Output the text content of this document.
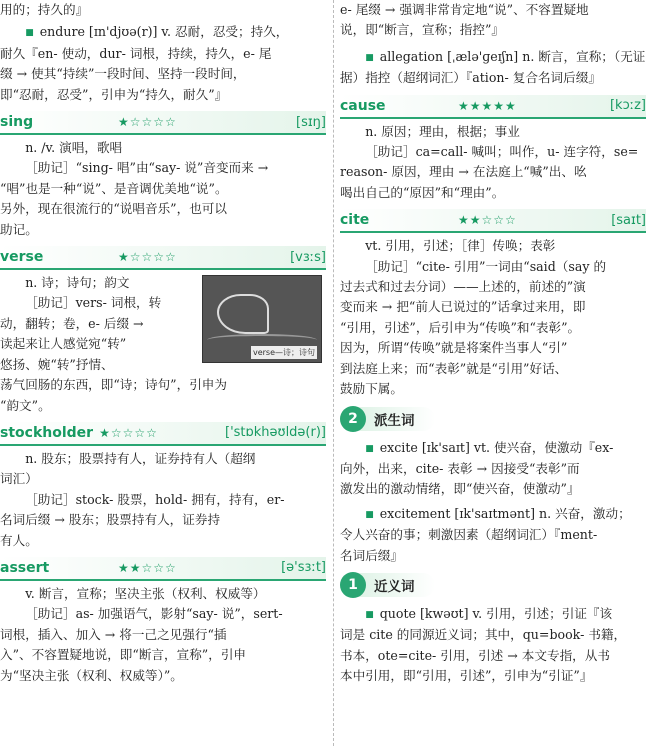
用的；持久的』

■ endure [ɪn'djʊə(r)] v. 忍耐，忍受；持久，

耐久『en- 使动，dur- 词根，持续，持久，e- 尾

缀 → 使其“持续”一段时间、坚持一段时间，

即“忍耐，忍受”，引申为“持久，耐久”』

sing	★☆☆☆☆	[sɪŋ]

n. /v. 演唱，歌唱

［助记］“sing- 唱”由“say- 说”音变而来 →

“唱”也是一种“说”、是音调优美地“说”。

另外，现在很流行的“说唱音乐”，也可以

助记。

verse	★☆☆☆☆	[vɜːs]
verse—诗；诗句

n. 诗；诗句；韵文

［助记］vers- 词根，转

动，翻转；卷，e- 后缀 →

读起来让人感觉宛“转”

悠扬、婉“转”抒情、

荡气回肠的东西，即“诗；诗句”，引申为

“韵文”。

stockholder ★☆☆☆☆	['stɒkhəʊldə(r)]

n. 股东；股票持有人，证券持有人（超纲

词汇）

［助记］stock- 股票，hold- 拥有，持有，er-

名词后缀 → 股东；股票持有人，证券持

有人。

assert	★★☆☆☆	[ə'sɜːt]

v. 断言，宣称；坚决主张（权利、权威等）

［助记］as- 加强语气，影射“say- 说”，sert-

词根，插入、加入 → 将一己之见强行“插

入”、不容置疑地说，即“断言，宣称”，引申

为“坚决主张（权利、权威等）”。

e- 尾缀 → 强调非常肯定地“说”、不容置疑地

说，即“断言，宣称；指控”』

■ allegation [ˌælə'ɡeɪʃn] n. 断言，宣称；（无证

据）指控（超纲词汇）『ation- 复合名词后缀』

cause	★★★★★	[kɔːz]

n. 原因；理由，根据；事业

［助记］ca=call- 喊叫；叫作，u- 连字符，se=

reason- 原因，理由 → 在法庭上“喊”出、吆

喝出自己的“原因”和“理由”。

cite	★★☆☆☆	[saɪt]

vt. 引用，引述；［律］传唤；表彰

［助记］“cite- 引用”一词由“said（say 的

过去式和过去分词）——上述的，前述的”演

变而来 → 把“前人已说过的”话拿过来用，即

“引用，引述”，后引申为“传唤”和“表彰”。

因为，所谓“传唤”就是将案件当事人“引”

到法庭上来；而“表彰”就是“引用”好话、

鼓励下属。

2	派生词

■ excite [ɪk'saɪt] vt. 使兴奋，使激动『ex-

向外，出来，cite- 表彰 → 因接受“表彰”而

激发出的激动情绪，即“使兴奋，使激动”』

■ excitement [ɪk'saɪtmənt] n. 兴奋，激动；

令人兴奋的事；刺激因素（超纲词汇）『ment-

名词后缀』

1	近义词

■ quote [kwəʊt] v. 引用，引述；引证『该

词是 cite 的同源近义词；其中，qu=book- 书籍，

书本，ote=cite- 引用，引述 → 本文专指，从书

本中引用，即“引用，引述”，引申为“引证”』
